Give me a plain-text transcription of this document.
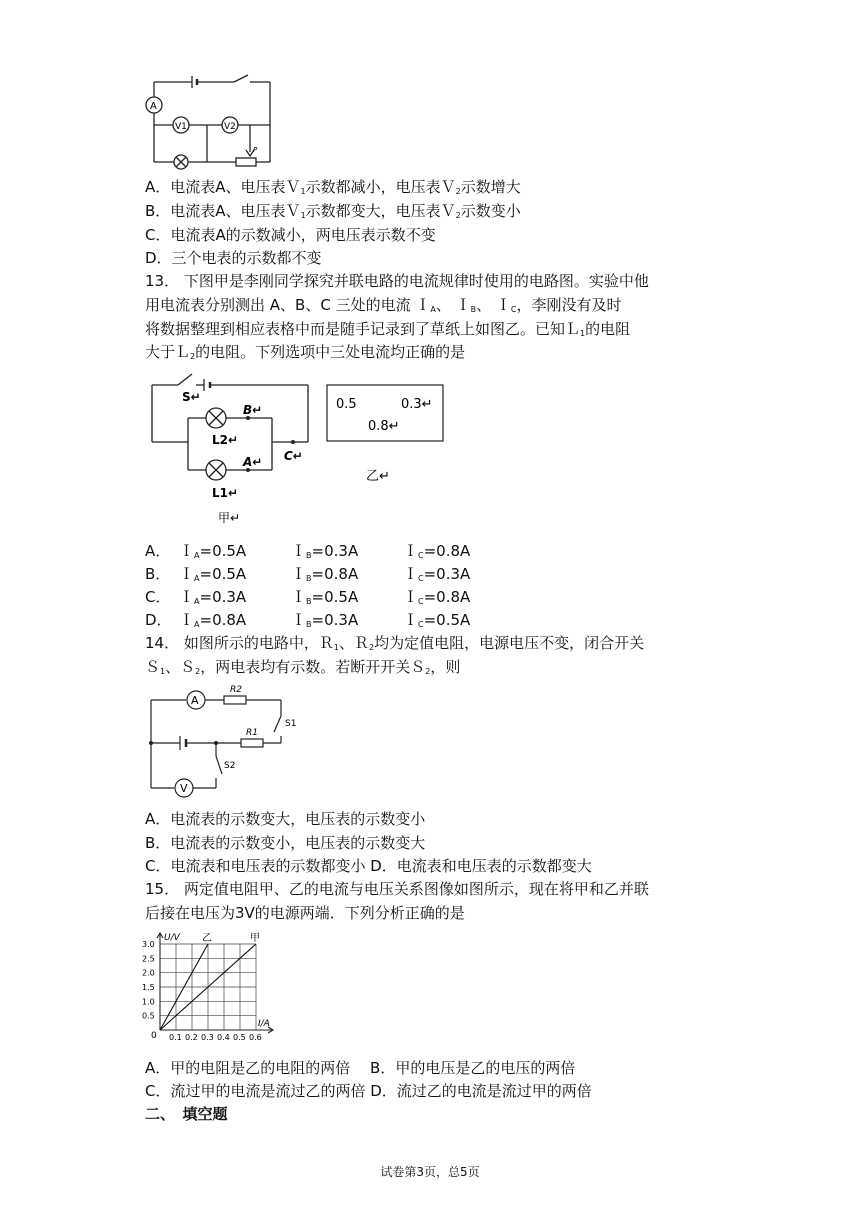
A
V1	V2
P
A．电流表A、电压表Ｖ$_1$示数都减小，电压表Ｖ$_2$示数增大
B．电流表A、电压表Ｖ$_1$示数都变大，电压表Ｖ$_2$示数变小
C．电流表A的示数减小，两电压表示数不变
D．三个电表的示数都不变
13． 下图甲是李刚同学探究并联电路的电流规律时使用的电路图。实验中他
用电流表分别测出 A、B、C 三处的电流 Ｉ$_A$、 Ｉ$_B$、 Ｉ$_C$，李刚没有及时
将数据整理到相应表格中而是随手记录到了草纸上如图乙。已知Ｌ$_1$的电阻
大于Ｌ$_2$的电阻。下列选项中三处电流均正确的是
S↵
B↵
L2↵
C↵
A↵
L1↵
甲↵
0.5	0.3↵
0.8↵
乙↵
A． Ｉ$_A$=0.5A	Ｉ$_B$=0.3A	Ｉ$_C$=0.8A
B． Ｉ$_A$=0.5A	Ｉ$_B$=0.8A	Ｉ$_C$=0.3A
C． Ｉ$_A$=0.3A	Ｉ$_B$=0.5A	Ｉ$_C$=0.8A
D． Ｉ$_A$=0.8A	Ｉ$_B$=0.3A	Ｉ$_C$=0.5A
14． 如图所示的电路中，Ｒ$_1$、Ｒ$_2$均为定值电阻，电源电压不变，闭合开关
Ｓ$_1$、Ｓ$_2$，两电表均有示数。若断开开关Ｓ$_2$，则
A
R2
S1
R1
S2
V
A．电流表的示数变大，电压表的示数变小
B．电流表的示数变小，电压表的示数变大
C．电流表和电压表的示数都变小 D．电流表和电压表的示数都变大
15． 两定值电阻甲、乙的电流与电压关系图像如图所示，现在将甲和乙并联
后接在电压为3V的电源两端．下列分析正确的是
甲
乙
0.1 0.2 0.3 0.4 0.5 0.6
0.5
1.0
1.5
2.0
2.5
3.0
U/V
I/A
0
A．甲的电阻是乙的电阻的两倍　 B．甲的电压是乙的电压的两倍
C．流过甲的电流是流过乙的两倍 D．流过乙的电流是流过甲的两倍
二、　填空题
试卷第3页，总5页
